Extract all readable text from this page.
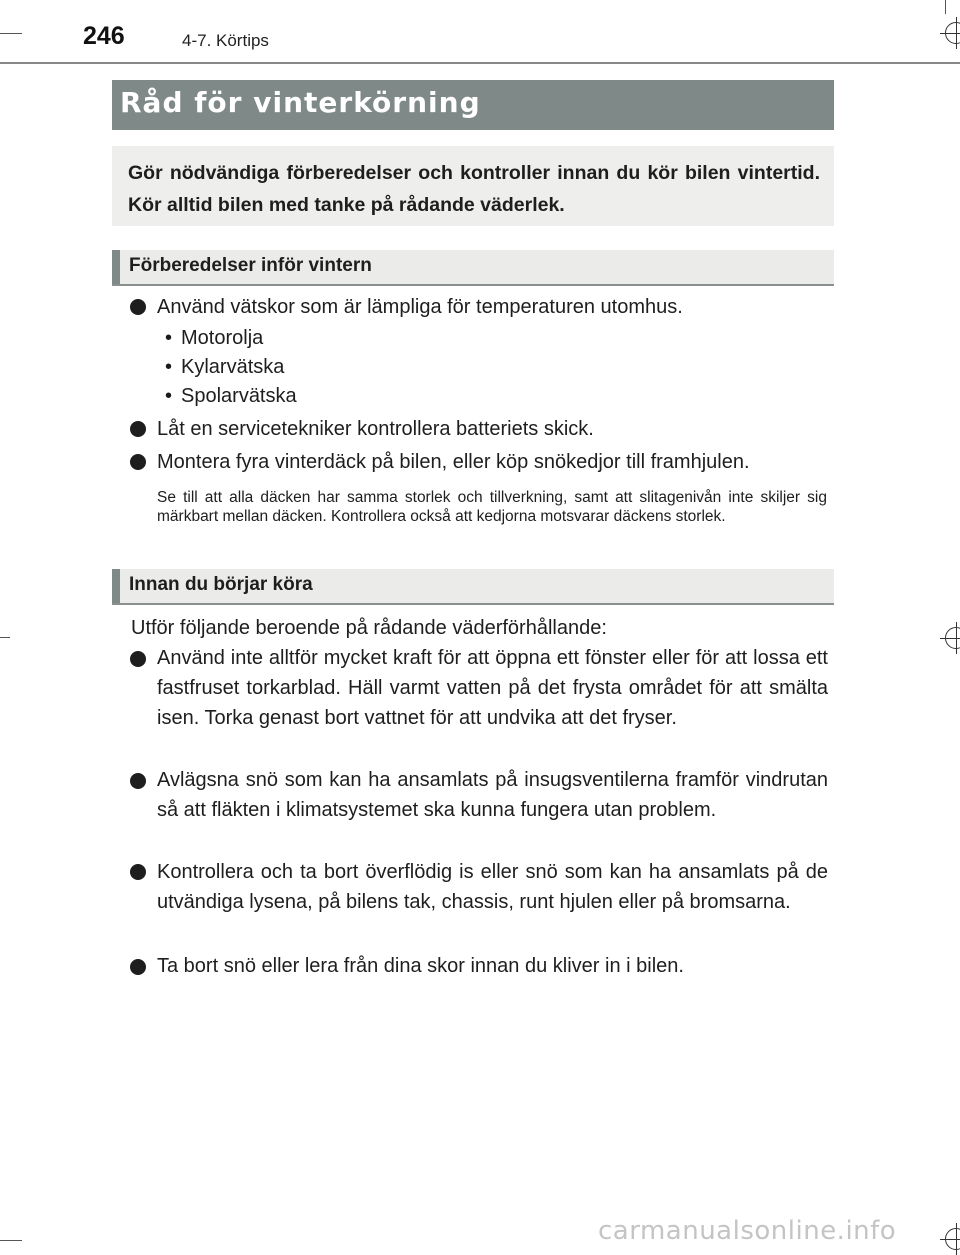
246	4-7. Körtips
Råd för vinterkörning

Gör nödvändiga förberedelser och kontroller innan du kör bilen vintertid. Kör alltid bilen med tanke på rådande väderlek.

Förberedelser inför vintern
Använd vätskor som är lämpliga för temperaturen utomhus.
• Motorolja
• Kylarvätska
• Spolarvätska
Låt en servicetekniker kontrollera batteriets skick.
Montera fyra vinterdäck på bilen, eller köp snökedjor till framhjulen.
Se till att alla däcken har samma storlek och tillverkning, samt att slitagenivån inte skiljer sig märkbart mellan däcken. Kontrollera också att kedjorna motsvarar däckens storlek.
Innan du börjar köra
Utför följande beroende på rådande väderförhållande:
Använd inte alltför mycket kraft för att öppna ett fönster eller för att lossa ett fastfruset torkarblad. Häll varmt vatten på det frysta området för att smälta isen. Torka genast bort vattnet för att undvika att det fryser.
Avlägsna snö som kan ha ansamlats på insugsventilerna framför vindrutan så att fläkten i klimatsystemet ska kunna fungera utan problem.
Kontrollera och ta bort överflödig is eller snö som kan ha ansamlats på de utvändiga lysena, på bilens tak, chassis, runt hjulen eller på bromsarna.
Ta bort snö eller lera från dina skor innan du kliver in i bilen.
carmanualsonline.info
